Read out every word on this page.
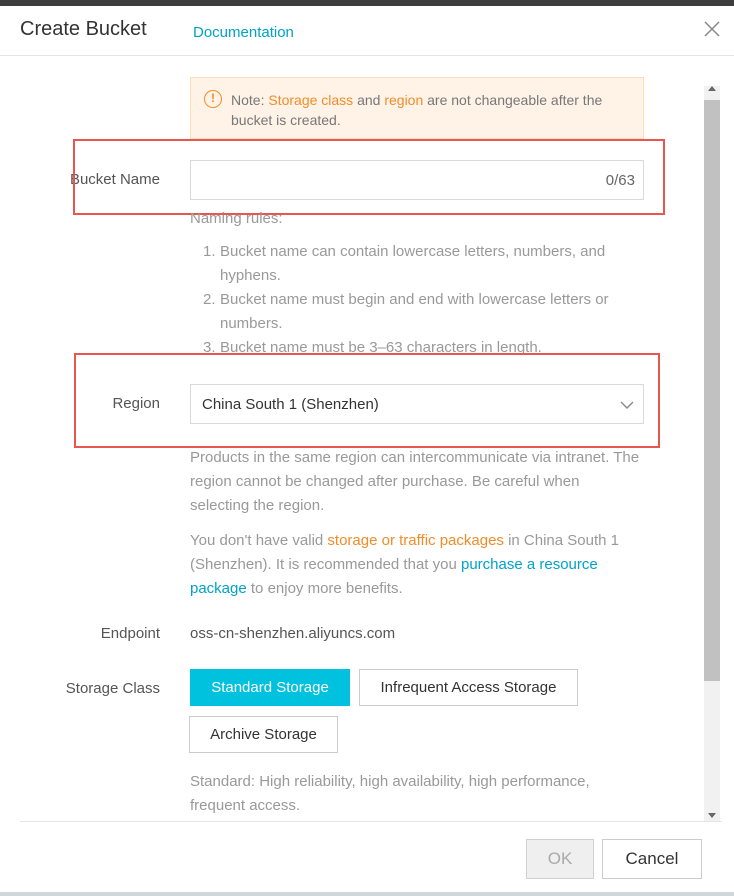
Create Bucket	Documentation
!	Note: Storage class and region are not changeable after the bucket is created.
Bucket Name	0/63
Naming rules:
1. Bucket name can contain lowercase letters, numbers, and hyphens.
2. Bucket name must begin and end with lowercase letters or numbers.
3. Bucket name must be 3–63 characters in length.
Region	China South 1 (Shenzhen)
Products in the same region can intercommunicate via intranet. The region cannot be changed after purchase. Be careful when selecting the region.
You don't have valid storage or traffic packages in China South 1 (Shenzhen). It is recommended that you purchase a resource package to enjoy more benefits.
Endpoint oss-cn-shenzhen.aliyuncs.com
Storage Class	Standard Storage	Infrequent Access Storage
Archive Storage
Standard: High reliability, high availability, high performance, frequent access.
OK	Cancel
